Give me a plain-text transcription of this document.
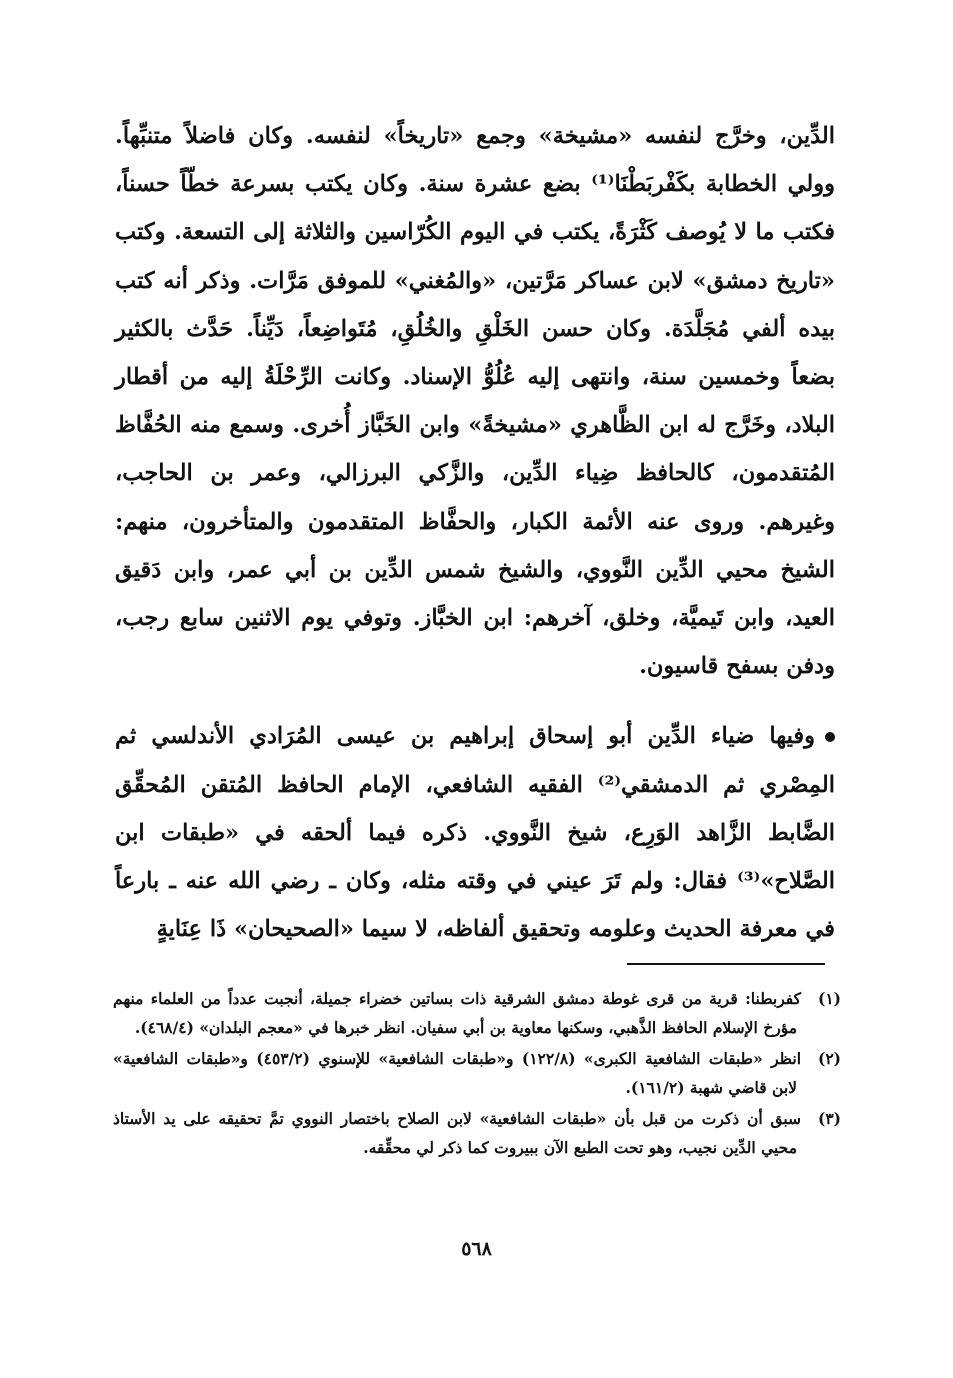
الدِّين، وخرَّج لنفسه «مشيخة» وجمع «تاريخاً» لنفسه. وكان فاضلاً متنبِّهاً. وولي الخطابة بكَفْربَطْنَا⁽¹⁾ بضع عشرة سنة. وكان يكتب بسرعة خطّاً حسناً، فكتب ما لا يُوصف كَثْرَةً، يكتب في اليوم الكُرّاسين والثلاثة إلى التسعة. وكتب «تاريخ دمشق» لابن عساكر مَرَّتين، «والمُغني» للموفق مَرَّات. وذكر أنه كتب بيده ألفي مُجَلَّدَة. وكان حسن الخَلْقِ والخُلُقِ، مُتَواضِعاً، دَيِّناً. حَدَّث بالكثير بضعاً وخمسين سنة، وانتهى إليه عُلُوُّ الإسناد. وكانت الرِّحْلَةُ إليه من أقطار البلاد، وخَرَّج له ابن الظَّاهري «مشيخةً» وابن الخَبَّاز أُخرى. وسمع منه الحُفَّاظ المُتقدمون، كالحافظ ضِياء الدِّين، والزَّكي البرزالي، وعمر بن الحاجب، وغيرهم. وروى عنه الأئمة الكبار، والحفَّاظ المتقدمون والمتأخرون، منهم: الشيخ محيي الدِّين النَّووي، والشيخ شمس الدِّين بن أبي عمر، وابن دَقيق العيد، وابن تَيميَّة، وخلق، آخرهم: ابن الخبَّاز. وتوفي يوم الاثنين سابع رجب، ودفن بسفح قاسيون.

وفيها ضياء الدِّين أبو إسحاق إبراهيم بن عيسى المُرَادي الأندلسي ثم المِصْري ثم الدمشقي⁽²⁾ الفقيه الشافعي، الإمام الحافظ المُتقن المُحقِّق الضَّابط الزَّاهد الوَرِع، شيخ النَّووي. ذكره فيما ألحقه في «طبقات ابن الصَّلاح»⁽³⁾ فقال: ولم تَرَ عيني في وقته مثله، وكان ـ رضي الله عنه ـ بارعاً في معرفة الحديث وعلومه وتحقيق ألفاظه، لا سيما «الصحيحان» ذَا عِنَايةٍ

(١)كفربطنا: قرية من قرى غوطة دمشق الشرقية ذات بساتين خضراء جميلة، أنجبت عدداً من العلماء منهم مؤرخ الإسلام الحافظ الذَّهبي، وسكنها معاوية بن أبي سفيان. انظر خبرها في «معجم البلدان» (٤٦٨/٤).

(٢)انظر «طبقات الشافعية الكبرى» (١٢٢/٨) و«طبقات الشافعية» للإسنوي (٤٥٣/٢) و«طبقات الشافعية» لابن قاضي شهبة (١٦١/٢).

(٣)سبق أن ذكرت من قبل بأن «طبقات الشافعية» لابن الصلاح باختصار النووي تمَّ تحقيقه على يد الأستاذ محيي الدِّين نجيب، وهو تحت الطبع الآن ببيروت كما ذكر لي محقِّقه.

٥٦٨
